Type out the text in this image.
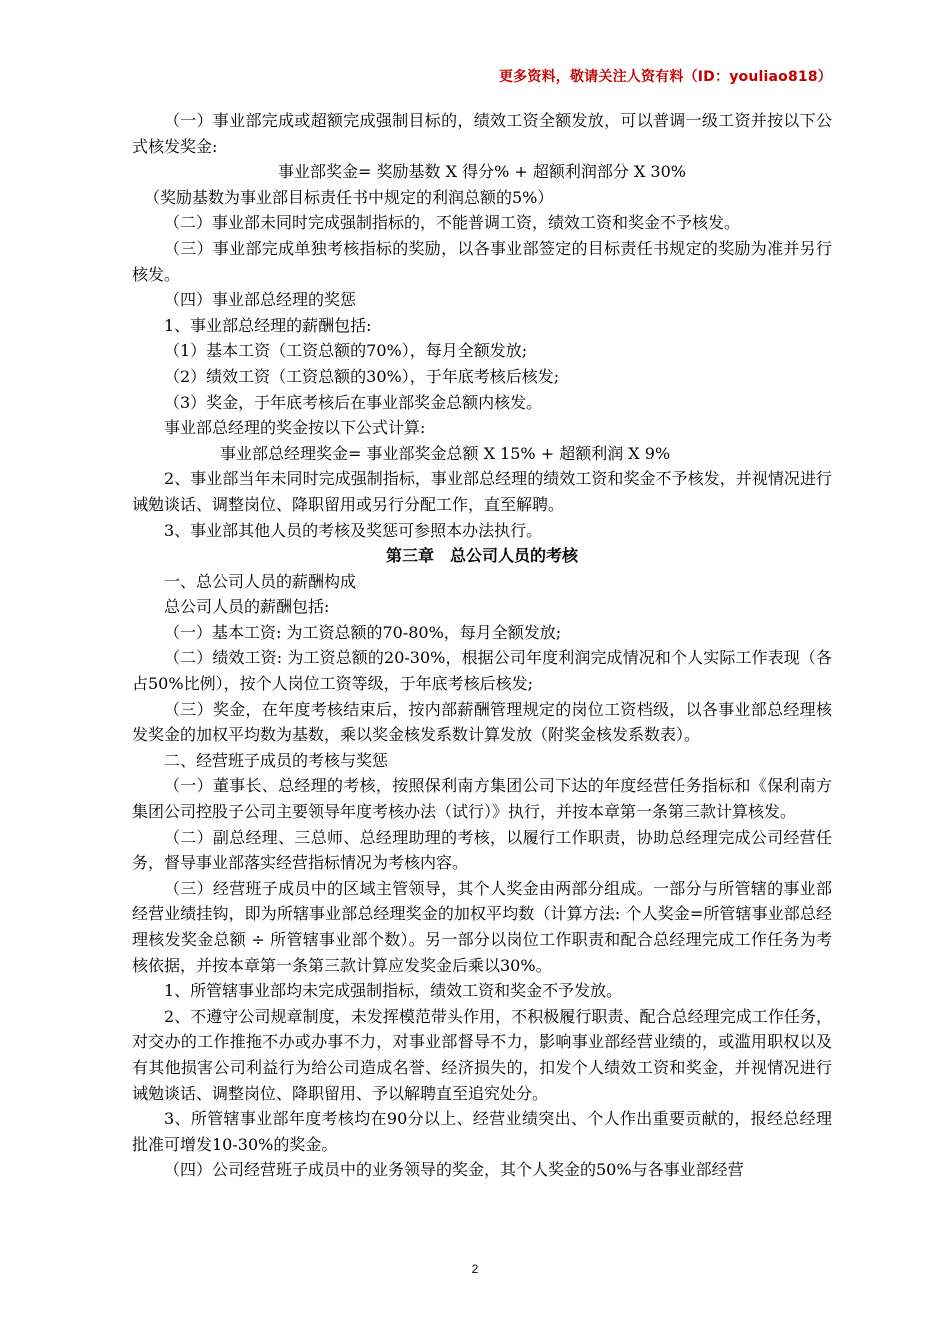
更多资料，敬请关注人资有料（ID：youliao818）

（一）事业部完成或超额完成强制目标的，绩效工资全额发放，可以普调一级工资并按以下公式核发奖金:

事业部奖金= 奖励基数 X 得分% + 超额利润部分 X 30%

（奖励基数为事业部目标责任书中规定的利润总额的5%）

（二）事业部未同时完成强制指标的，不能普调工资，绩效工资和奖金不予核发。

（三）事业部完成单独考核指标的奖励，以各事业部签定的目标责任书规定的奖励为准并另行核发。

（四）事业部总经理的奖惩

1、事业部总经理的薪酬包括:

（1）基本工资（工资总额的70%），每月全额发放;

（2）绩效工资（工资总额的30%），于年底考核后核发;

（3）奖金，于年底考核后在事业部奖金总额内核发。

事业部总经理的奖金按以下公式计算:

事业部总经理奖金= 事业部奖金总额 X 15% + 超额利润 X 9%

2、事业部当年未同时完成强制指标，事业部总经理的绩效工资和奖金不予核发，并视情况进行诫勉谈话、调整岗位、降职留用或另行分配工作，直至解聘。

3、事业部其他人员的考核及奖惩可参照本办法执行。

第三章　总公司人员的考核

一、总公司人员的薪酬构成

总公司人员的薪酬包括:

（一）基本工资: 为工资总额的70-80%，每月全额发放;

（二）绩效工资: 为工资总额的20-30%，根据公司年度利润完成情况和个人实际工作表现（各占50%比例），按个人岗位工资等级，于年底考核后核发;

（三）奖金，在年度考核结束后，按内部薪酬管理规定的岗位工资档级，以各事业部总经理核发奖金的加权平均数为基数，乘以奖金核发系数计算发放（附奖金核发系数表）。

二、经营班子成员的考核与奖惩

（一）董事长、总经理的考核，按照保利南方集团公司下达的年度经营任务指标和《保利南方集团公司控股子公司主要领导年度考核办法（试行）》执行，并按本章第一条第三款计算核发。

（二）副总经理、三总师、总经理助理的考核，以履行工作职责，协助总经理完成公司经营任务，督导事业部落实经营指标情况为考核内容。

（三）经营班子成员中的区域主管领导，其个人奖金由两部分组成。一部分与所管辖的事业部经营业绩挂钩，即为所辖事业部总经理奖金的加权平均数（计算方法: 个人奖金=所管辖事业部总经理核发奖金总额 ÷ 所管辖事业部个数）。另一部分以岗位工作职责和配合总经理完成工作任务为考核依据，并按本章第一条第三款计算应发奖金后乘以30%。

1、所管辖事业部均未完成强制指标，绩效工资和奖金不予发放。

2、不遵守公司规章制度，未发挥模范带头作用，不积极履行职责、配合总经理完成工作任务，对交办的工作推拖不办或办事不力，对事业部督导不力，影响事业部经营业绩的，或滥用职权以及有其他损害公司利益行为给公司造成名誉、经济损失的，扣发个人绩效工资和奖金，并视情况进行诫勉谈话、调整岗位、降职留用、予以解聘直至追究处分。

3、所管辖事业部年度考核均在90分以上、经营业绩突出、个人作出重要贡献的，报经总经理批准可增发10-30%的奖金。

（四）公司经营班子成员中的业务领导的奖金，其个人奖金的50%与各事业部经营

2
